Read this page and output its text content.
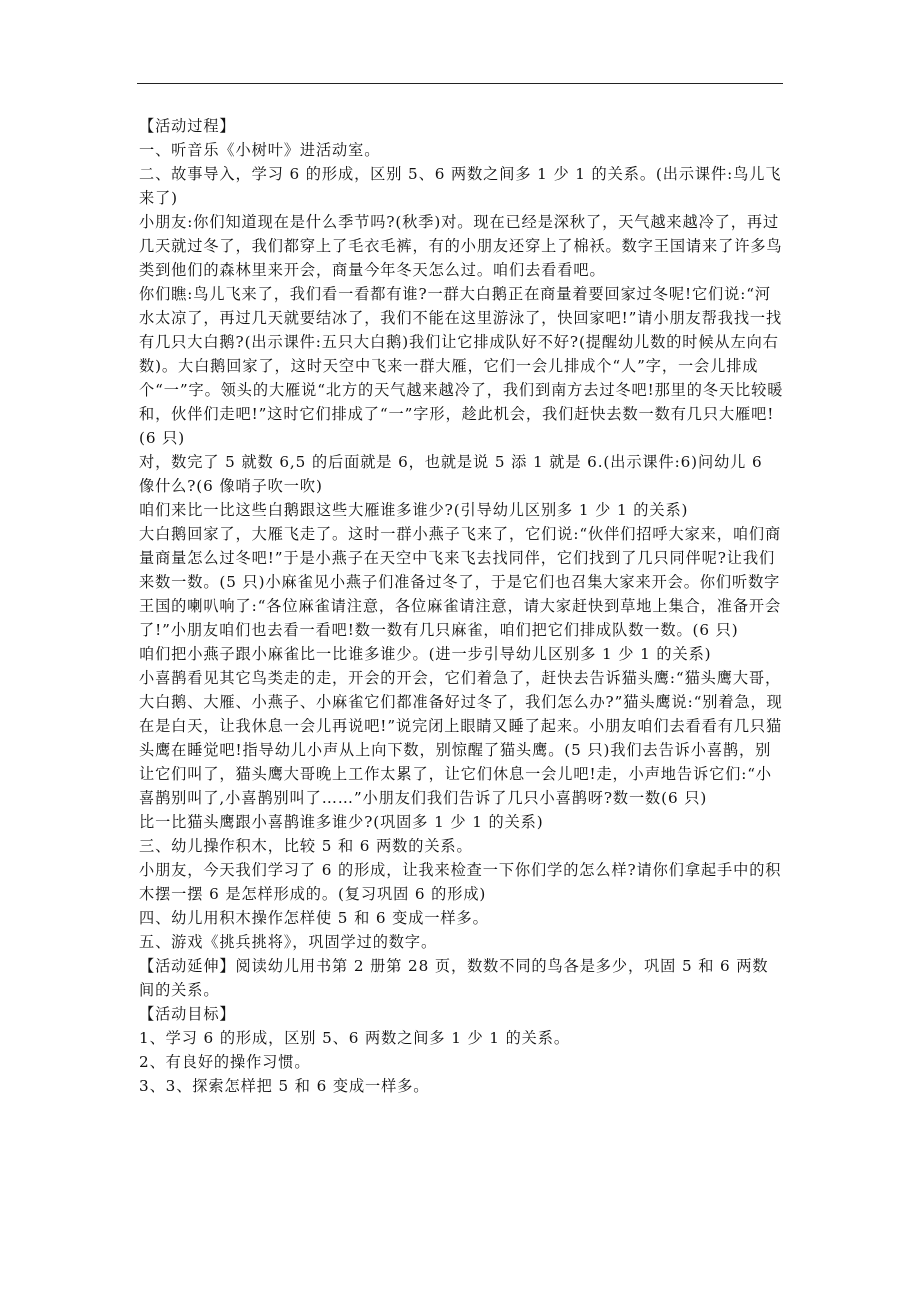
【活动过程】

一、听音乐《小树叶》进活动室。

二、故事导入，学习 6 的形成，区别 5、6 两数之间多 1 少 1 的关系。(出示课件:鸟儿飞来了)

小朋友:你们知道现在是什么季节吗?(秋季)对。现在已经是深秋了，天气越来越冷了，再过几天就过冬了，我们都穿上了毛衣毛裤，有的小朋友还穿上了棉袄。数字王国请来了许多鸟类到他们的森林里来开会，商量今年冬天怎么过。咱们去看看吧。

你们瞧:鸟儿飞来了，我们看一看都有谁?一群大白鹅正在商量着要回家过冬呢!它们说:“河水太凉了，再过几天就要结冰了，我们不能在这里游泳了，快回家吧!”请小朋友帮我找一找有几只大白鹅?(出示课件:五只大白鹅)我们让它排成队好不好?(提醒幼儿数的时候从左向右数)。大白鹅回家了，这时天空中飞来一群大雁，它们一会儿排成个“人”字，一会儿排成个“一”字。领头的大雁说“北方的天气越来越冷了，我们到南方去过冬吧!那里的冬天比较暖和，伙伴们走吧!”这时它们排成了“一”字形，趁此机会，我们赶快去数一数有几只大雁吧!(6 只)

对，数完了 5 就数 6,5 的后面就是 6，也就是说 5 添 1 就是 6.(出示课件:6)问幼儿 6 像什么?(6 像哨子吹一吹)

咱们来比一比这些白鹅跟这些大雁谁多谁少?(引导幼儿区别多 1 少 1 的关系)

大白鹅回家了，大雁飞走了。这时一群小燕子飞来了，它们说:“伙伴们招呼大家来，咱们商量商量怎么过冬吧!”于是小燕子在天空中飞来飞去找同伴，它们找到了几只同伴呢?让我们来数一数。(5 只)小麻雀见小燕子们准备过冬了，于是它们也召集大家来开会。你们听数字王国的喇叭响了:“各位麻雀请注意，各位麻雀请注意，请大家赶快到草地上集合，准备开会了!”小朋友咱们也去看一看吧!数一数有几只麻雀，咱们把它们排成队数一数。(6 只)

咱们把小燕子跟小麻雀比一比谁多谁少。(进一步引导幼儿区别多 1 少 1 的关系)

小喜鹊看见其它鸟类走的走，开会的开会，它们着急了，赶快去告诉猫头鹰:“猫头鹰大哥，大白鹅、大雁、小燕子、小麻雀它们都准备好过冬了，我们怎么办?”猫头鹰说:“别着急，现在是白天，让我休息一会儿再说吧!”说完闭上眼睛又睡了起来。小朋友咱们去看看有几只猫头鹰在睡觉吧!指导幼儿小声从上向下数，别惊醒了猫头鹰。(5 只)我们去告诉小喜鹊，别让它们叫了，猫头鹰大哥晚上工作太累了，让它们休息一会儿吧!走，小声地告诉它们:“小喜鹊别叫了,小喜鹊别叫了……”小朋友们我们告诉了几只小喜鹊呀?数一数(6 只)

比一比猫头鹰跟小喜鹊谁多谁少?(巩固多 1 少 1 的关系)

三、幼儿操作积木，比较 5 和 6 两数的关系。

小朋友，今天我们学习了 6 的形成，让我来检查一下你们学的怎么样?请你们拿起手中的积木摆一摆 6 是怎样形成的。(复习巩固 6 的形成)

四、幼儿用积木操作怎样使 5 和 6 变成一样多。

五、游戏《挑兵挑将》，巩固学过的数字。

【活动延伸】阅读幼儿用书第 2 册第 28 页，数数不同的鸟各是多少，巩固 5 和 6 两数间的关系。

【活动目标】

1、学习 6 的形成，区别 5、6 两数之间多 1 少 1 的关系。

2、有良好的操作习惯。

3、3、探索怎样把 5 和 6 变成一样多。
